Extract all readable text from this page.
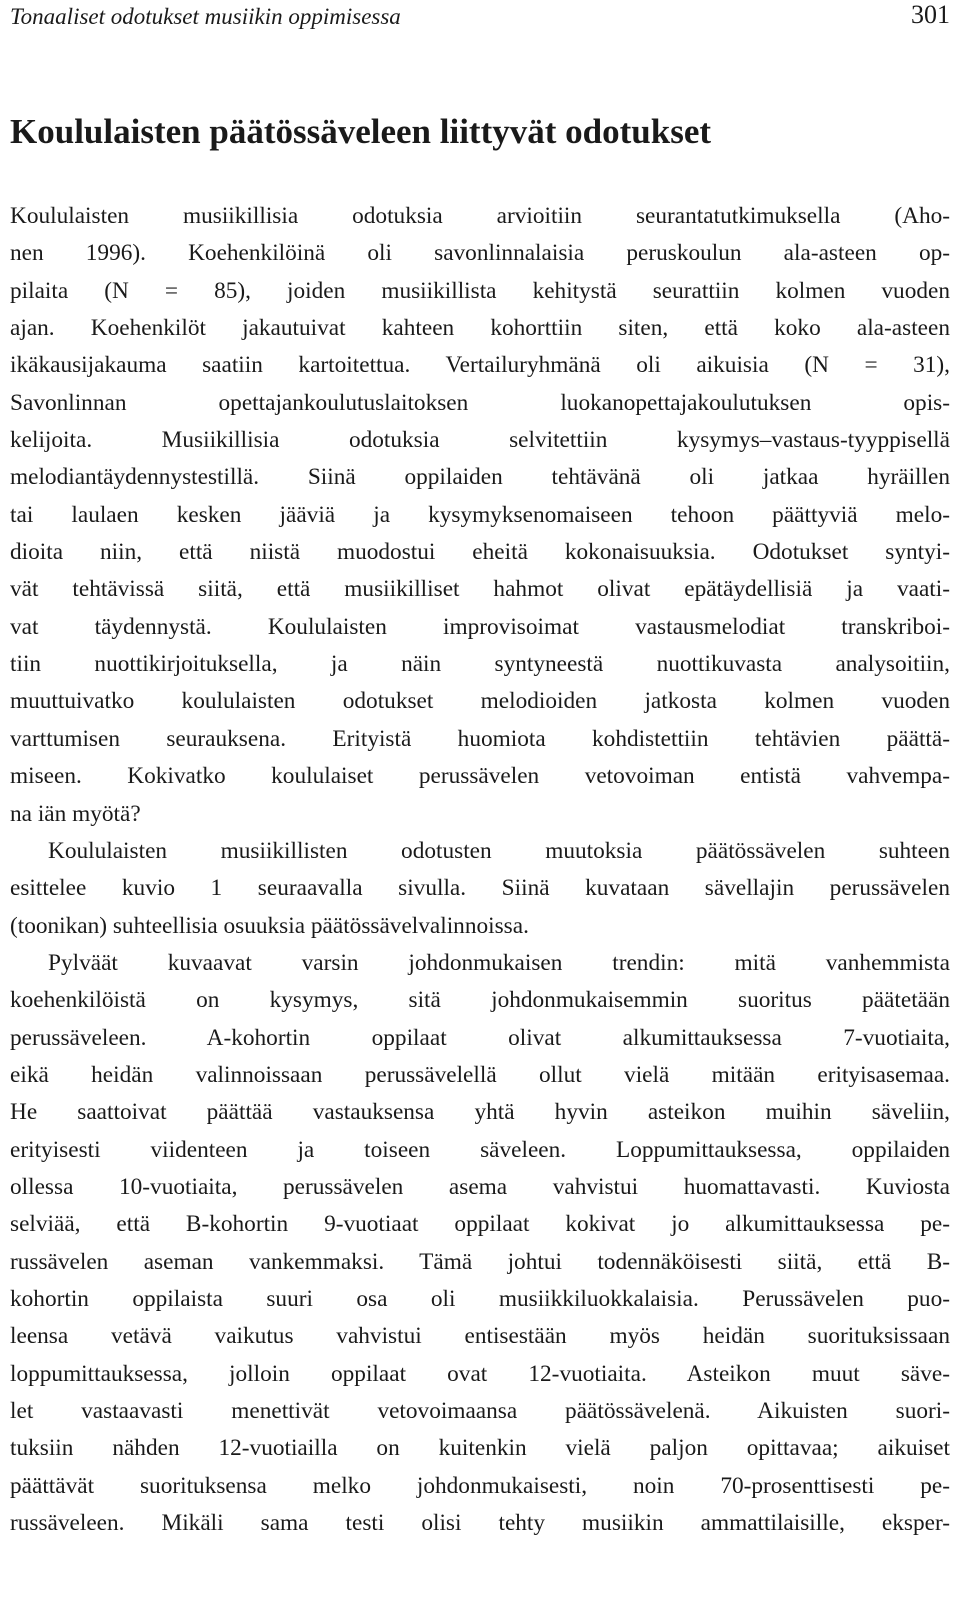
Tonaaliset odotukset musiikin oppimisessa	301
Koululaisten päätössäveleen liittyvät odotukset
Koululaisten musiikillisia odotuksia arvioitiin seurantatutkimuksella (Aho-
nen 1996). Koehenkilöinä oli savonlinnalaisia peruskoulun ala-asteen op-
pilaita (N = 85), joiden musiikillista kehitystä seurattiin kolmen vuoden
ajan. Koehenkilöt jakautuivat kahteen kohorttiin siten, että koko ala-asteen
ikäkausijakauma saatiin kartoitettua. Vertailuryhmänä oli aikuisia (N = 31),
Savonlinnan opettajankoulutuslaitoksen luokanopettajakoulutuksen opis-
kelijoita. Musiikillisia odotuksia selvitettiin kysymys–vastaus-tyyppisellä
melodiantäydennystestillä. Siinä oppilaiden tehtävänä oli jatkaa hyräillen
tai laulaen kesken jääviä ja kysymyksenomaiseen tehoon päättyviä melo-
dioita niin, että niistä muodostui eheitä kokonaisuuksia. Odotukset syntyi-
vät tehtävissä siitä, että musiikilliset hahmot olivat epätäydellisiä ja vaati-
vat täydennystä. Koululaisten improvisoimat vastausmelodiat transkriboi-
tiin nuottikirjoituksella, ja näin syntyneestä nuottikuvasta analysoitiin,
muuttuivatko koululaisten odotukset melodioiden jatkosta kolmen vuoden
varttumisen seurauksena. Erityistä huomiota kohdistettiin tehtävien päättä-
miseen. Kokivatko koululaiset perussävelen vetovoiman entistä vahvempa-
na iän myötä?
Koululaisten musiikillisten odotusten muutoksia päätössävelen suhteen
esittelee kuvio 1 seuraavalla sivulla. Siinä kuvataan sävellajin perussävelen
(toonikan) suhteellisia osuuksia päätössävelvalinnoissa.
Pylväät kuvaavat varsin johdonmukaisen trendin: mitä vanhemmista
koehenkilöistä on kysymys, sitä johdonmukaisemmin suoritus päätetään
perussäveleen. A-kohortin oppilaat olivat alkumittauksessa 7-vuotiaita,
eikä heidän valinnoissaan perussävelellä ollut vielä mitään erityisasemaa.
He saattoivat päättää vastauksensa yhtä hyvin asteikon muihin säveliin,
erityisesti viidenteen ja toiseen säveleen. Loppumittauksessa, oppilaiden
ollessa 10-vuotiaita, perussävelen asema vahvistui huomattavasti. Kuviosta
selviää, että B-kohortin 9-vuotiaat oppilaat kokivat jo alkumittauksessa pe-
russävelen aseman vankemmaksi. Tämä johtui todennäköisesti siitä, että B-
kohortin oppilaista suuri osa oli musiikkiluokkalaisia. Perussävelen puo-
leensa vetävä vaikutus vahvistui entisestään myös heidän suorituksissaan
loppumittauksessa, jolloin oppilaat ovat 12-vuotiaita. Asteikon muut säve-
let vastaavasti menettivät vetovoimaansa päätössävelenä. Aikuisten suori-
tuksiin nähden 12-vuotiailla on kuitenkin vielä paljon opittavaa; aikuiset
päättävät suorituksensa melko johdonmukaisesti, noin 70-prosenttisesti pe-
russäveleen. Mikäli sama testi olisi tehty musiikin ammattilaisille, eksper-
